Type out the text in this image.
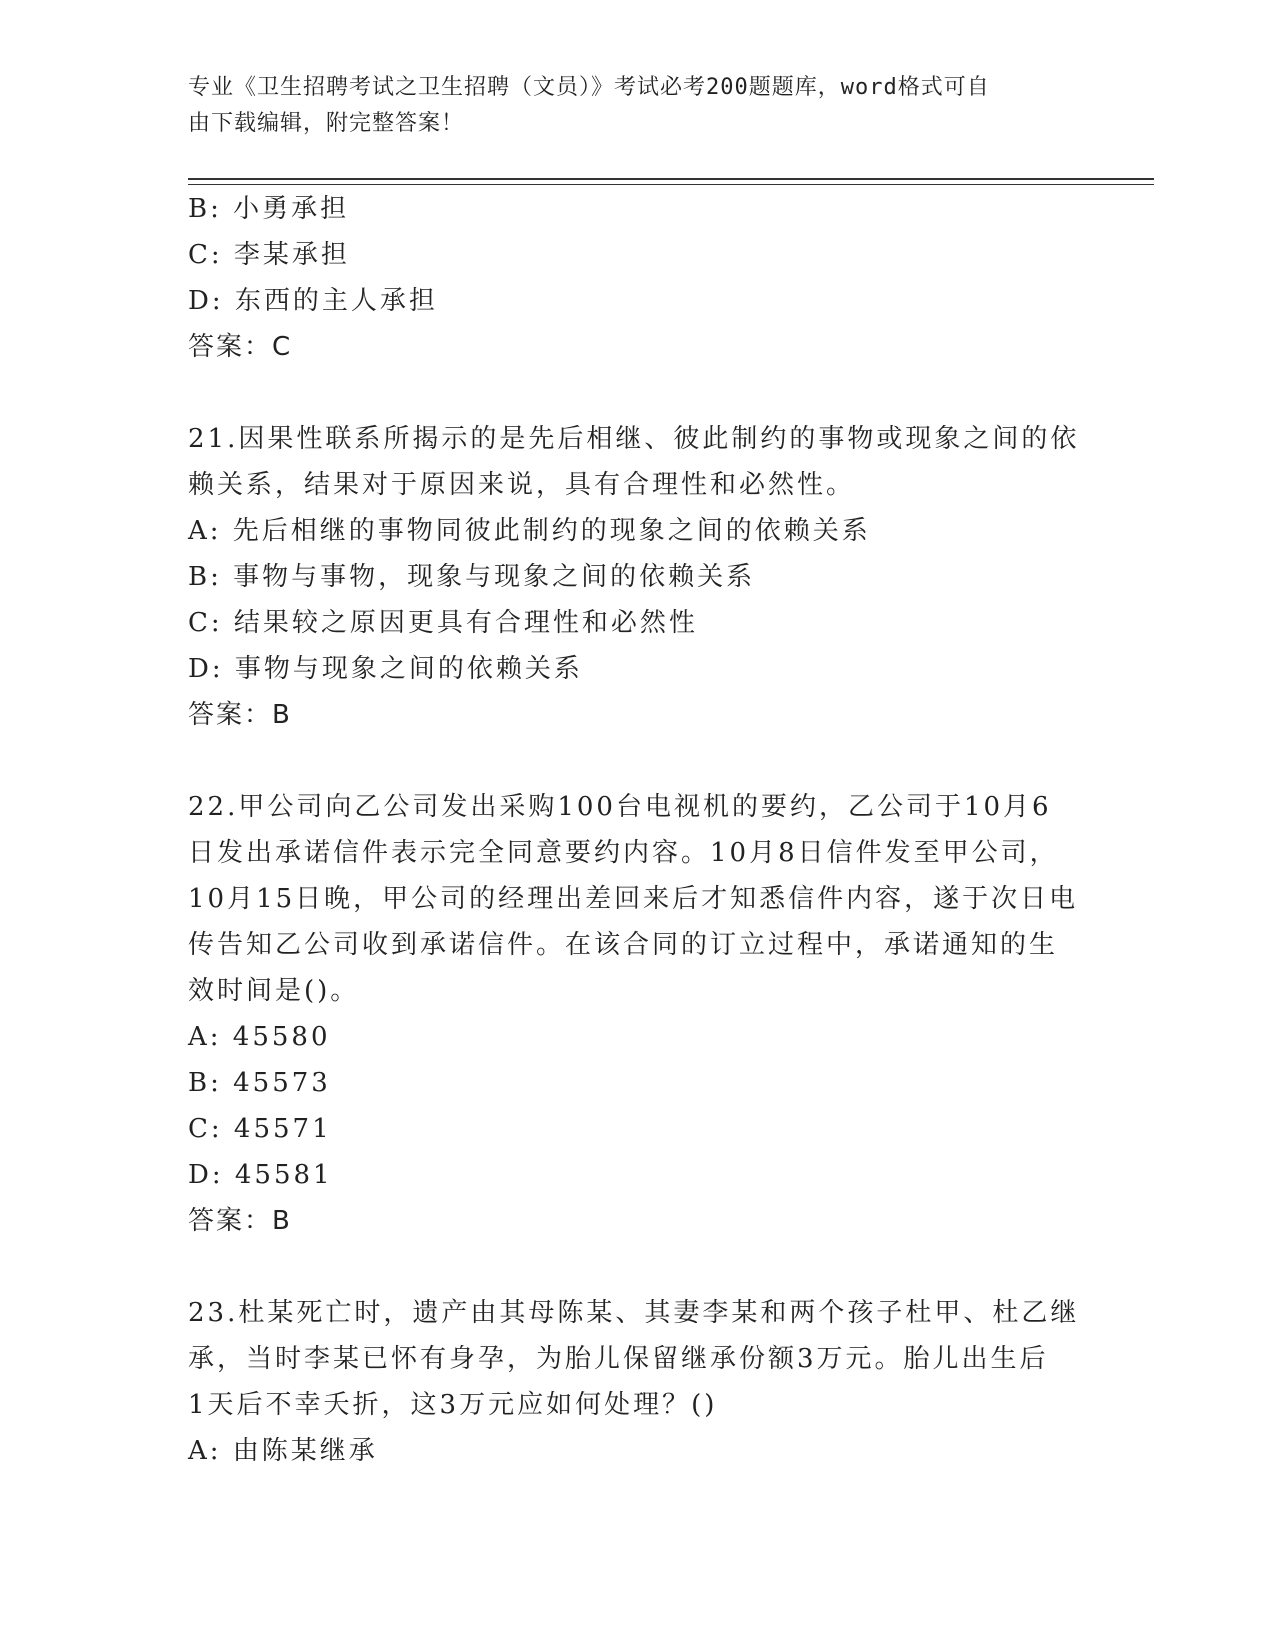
专业《卫生招聘考试之卫生招聘（文员）》考试必考200题题库，word格式可自
由下载编辑，附完整答案！

B: 小勇承担

C: 李某承担

D: 东西的主人承担

答案：C

21.因果性联系所揭示的是先后相继、彼此制约的事物或现象之间的依

赖关系，结果对于原因来说，具有合理性和必然性。

A: 先后相继的事物同彼此制约的现象之间的依赖关系

B: 事物与事物，现象与现象之间的依赖关系

C: 结果较之原因更具有合理性和必然性

D: 事物与现象之间的依赖关系

答案：B

22.甲公司向乙公司发出采购100台电视机的要约，乙公司于10月6

日发出承诺信件表示完全同意要约内容。10月8日信件发至甲公司，

10月15日晚，甲公司的经理出差回来后才知悉信件内容，遂于次日电

传告知乙公司收到承诺信件。在该合同的订立过程中，承诺通知的生

效时间是()。

A: 45580

B: 45573

C: 45571

D: 45581

答案：B

23.杜某死亡时，遗产由其母陈某、其妻李某和两个孩子杜甲、杜乙继

承，当时李某已怀有身孕，为胎儿保留继承份额3万元。胎儿出生后

1天后不幸夭折，这3万元应如何处理？()

A: 由陈某继承
